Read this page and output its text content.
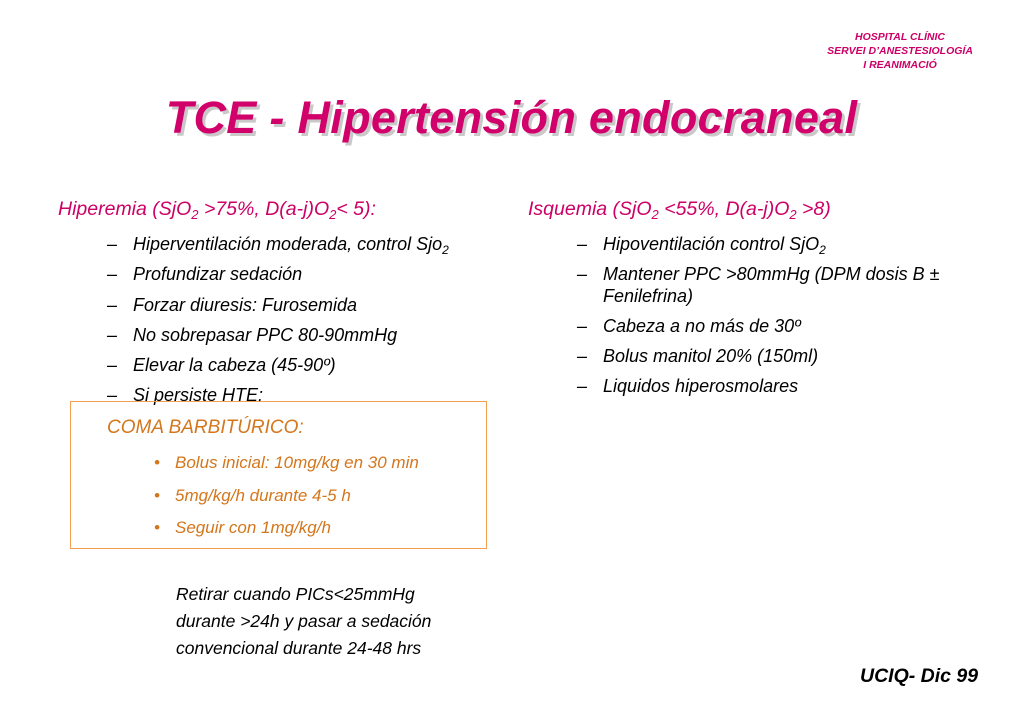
HOSPITAL CLÍNIC
SERVEI D’ANESTESIOLOGÍA
I REANIMACIÓ
TCE - Hipertensión endocraneal
Hiperemia (SjO$_2$ >75%, $D(a-j)O_2< 5$):
– Hiperventilación moderada, control Sjo$_2$
– Profundizar sedación
– Forzar diuresis: Furosemida
– No sobrepasar PPC 80-90mmHg
– Elevar la cabeza (45-90º)
– Si persiste HTE:
COMA BARBITÚRICO:
• Bolus inicial: 10mg/kg en 30 min
• 5mg/kg/h durante 4-5 h
• Seguir con 1mg/kg/h
Retirar cuando PICs<25mmHg
durante >24h y pasar a sedación
convencional durante 24-48 hrs
Isquemia (SjO$_2$ <55%, $D(a-j)O_2 >8$)
– Hipoventilación control SjO$_2$
– Mantener PPC >80mmHg (DPM dosis B ± Fenilefrina)
– Cabeza a no más de 30º
– Bolus manitol 20% (150ml)
– Liquidos hiperosmolares
UCIQ- Dic 99
